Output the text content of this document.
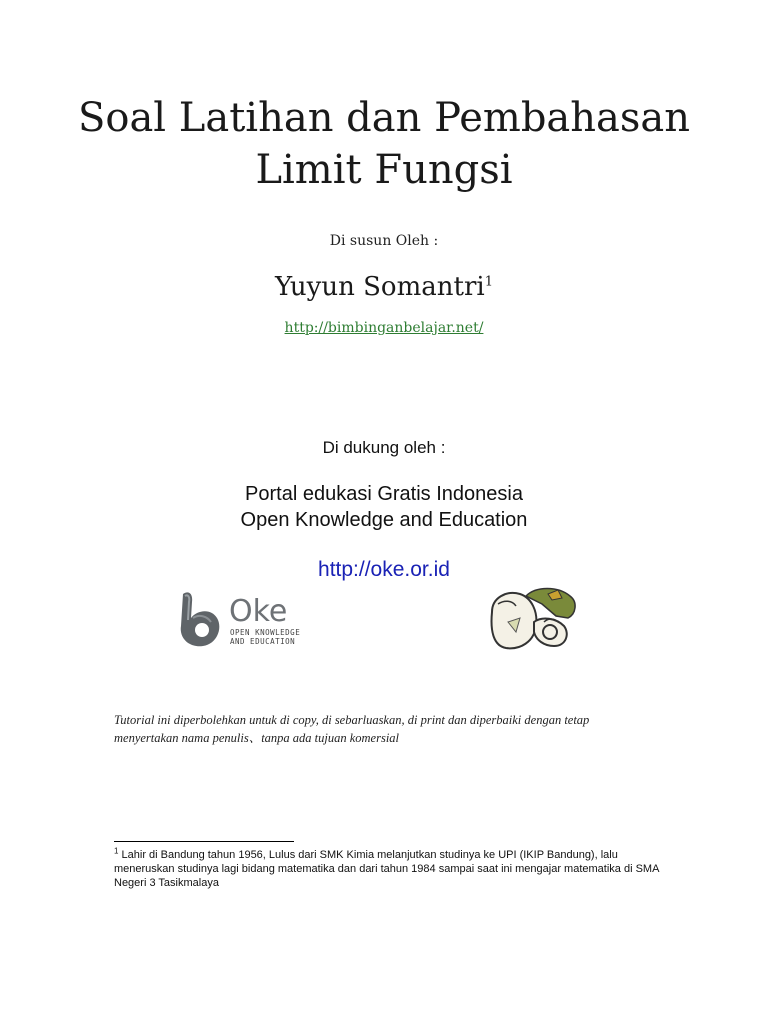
Soal Latihan dan Pembahasan
Limit Fungsi
Di susun Oleh :
Yuyun Somantri$^1$
http://bimbinganbelajar.net/
Di dukung oleh :
Portal edukasi Gratis Indonesia
Open Knowledge and Education
http://oke.or.id
Oke
OPEN KNOWLEDGE
AND EDUCATION
Tutorial ini diperbolehkan untuk di copy, di sebarluaskan, di print dan diperbaiki dengan tetap
menyertakan nama penulis、tanpa ada tujuan komersial
$^1$ Lahir di Bandung tahun 1956, Lulus dari SMK Kimia melanjutkan studinya ke UPI (IKIP Bandung), lalu meneruskan studinya lagi bidang matematika dan dari tahun 1984 sampai saat ini mengajar matematika di SMA Negeri 3 Tasikmalaya
